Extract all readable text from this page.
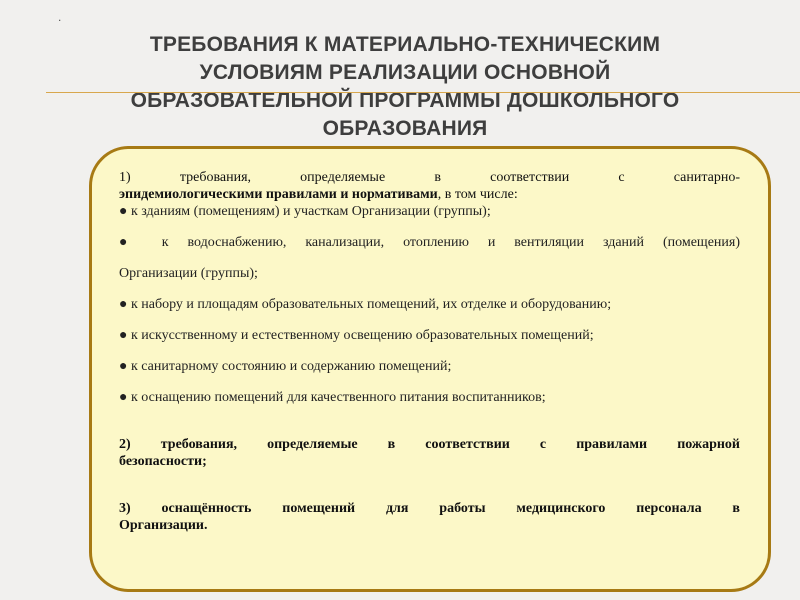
.
ТРЕБОВАНИЯ К МАТЕРИАЛЬНО-ТЕХНИЧЕСКИМ
УСЛОВИЯМ РЕАЛИЗАЦИИ ОСНОВНОЙ
ОБРАЗОВАТЕЛЬНОЙ ПРОГРАММЫ ДОШКОЛЬНОГО
ОБРАЗОВАНИЯ

1) требования, определяемые в соответствии с санитарно-

эпидемиологическими правилами и нормативами, в том числе:

● к зданиям (помещениям) и участкам Организации (группы);

● к водоснабжению, канализации, отоплению и вентиляции зданий (помещения)

Организации (группы);

● к набору и площадям образовательных помещений, их отделке и оборудованию;

● к искусственному и естественному освещению образовательных помещений;

● к санитарному состоянию и содержанию помещений;

● к оснащению помещений для качественного питания воспитанников;

2) требования, определяемые в соответствии с правилами пожарной

безопасности;

3) оснащённость помещений для работы медицинского персонала в

Организации.
